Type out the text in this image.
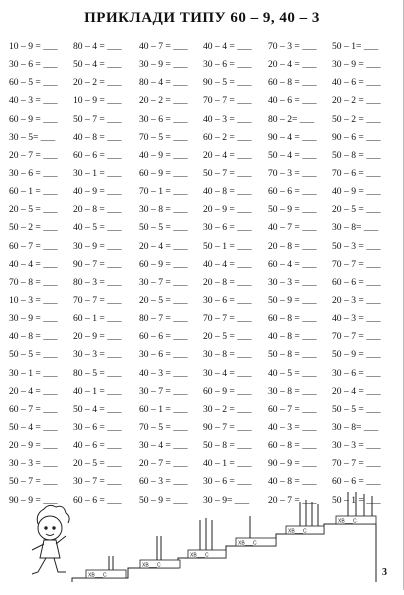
ПРИКЛАДИ ТИПУ 60 – 9, 40 – 3
10 – 9 = ___	80 – 4 = ___	40 – 7 = ___	40 – 4 = ___	70 – 3 = ___	50 – 1= ___
30 – 6 = ___	50 – 4 = ___	30 – 9 = ___	30 – 6 = ___	20 – 4 = ___	30 – 9 = ___
60 – 5 = ___	20 – 2 = ___	80 – 4 = ___	90 – 5 = ___	60 – 8 = ___	40 – 6 = ___
40 – 3 = ___	10 – 9 = ___	20 – 2 = ___	70 – 7 = ___	40 – 6 = ___	20 – 2 = ___
60 – 9 = ___	50 – 7 = ___	30 – 6 = ___	40 – 3 = ___	80 – 2= ___	50 – 2 = ___
30 – 5= ___	40 – 8 = ___	70 – 5 = ___	60 – 2 = ___	90 – 4 = ___	90 – 6 = ___
20 – 7 = ___	60 – 6 = ___	40 – 9 = ___	20 – 4 = ___	50 – 4 = ___	50 – 8 = ___
30 – 6 = ___	30 – 1 = ___	60 – 9 = ___	50 – 7 = ___	70 – 3 = ___	70 – 6 = ___
60 – 1 = ___	40 – 9 = ___	70 – 1 = ___	40 – 8 = ___	60 – 6 = ___	40 – 9 = ___
20 – 5 = ___	20 – 8 = ___	30 – 8 = ___	20 – 9 = ___	50 – 9 = ___	20 – 5 = ___
50 – 2 = ___	40 – 5 = ___	50 – 5 = ___	30 – 6 = ___	40 – 7 = ___	30 – 8= ___
60 – 7 = ___	30 – 9 = ___	20 – 4 = ___	50 – 1 = ___	20 – 8 = ___	50 – 3 = ___
40 – 4 = ___	90 – 7 = ___	60 – 9 = ___	40 – 4 = ___	60 – 4 = ___	70 – 7 = ___
70 – 8 = ___	80 – 3 = ___	30 – 7 = ___	20 – 8 = ___	30 – 3 = ___	60 – 6 = ___
10 – 3 = ___	70 – 7 = ___	20 – 5 = ___	30 – 6 = ___	50 – 9 = ___	20 – 3 = ___
30 – 9 = ___	60 – 1 = ___	80 – 7 = ___	70 – 7 = ___	60 – 8 = ___	40 – 3 = ___
40 – 8 = ___	20 – 9 = ___	60 – 6 = ___	20 – 5 = ___	40 – 8 = ___	70 – 7 = ___
50 – 5 = ___	30 – 3 = ___	30 – 6 = ___	30 – 8 = ___	50 – 8 = ___	50 – 9 = ___
30 – 1 = ___	80 – 5 = ___	40 – 3 = ___	30 – 4 = ___	40 – 5 = ___	30 – 6 = ___
20 – 4 = ___	40 – 1 = ___	30 – 7 = ___	60 – 9 = ___	30 – 8 = ___	20 – 4 = ___
60 – 7 = ___	50 – 4 = ___	60 – 1 = ___	30 – 2 = ___	60 – 7 = ___	50 – 5 = ___
50 – 4 = ___	30 – 6 = ___	70 – 5 = ___	90 – 7 = ___	40 – 3 = ___	30 – 8= ___
20 – 9 = ___	40 – 6 = ___	30 – 4 = ___	50 – 8 = ___	60 – 8 = ___	30 – 3 = ___
30 – 3 = ___	20 – 5 = ___	20 – 7 = ___	40 – 1 = ___	90 – 9 = ___	70 – 7 = ___
50 – 7 = ___	30 – 7 = ___	60 – 3 = ___	30 – 6 = ___	40 – 8 = ___	60 – 6 = ___
90 – 9 = ___	60 – 6 = ___	50 – 9 = ___	30 – 9= ___	20 – 7 = ___	50 – 1 = ___
ХВ___С
ХВ___С
ХВ___С
ХВ___С
ХВ___С
ХВ___С
3
